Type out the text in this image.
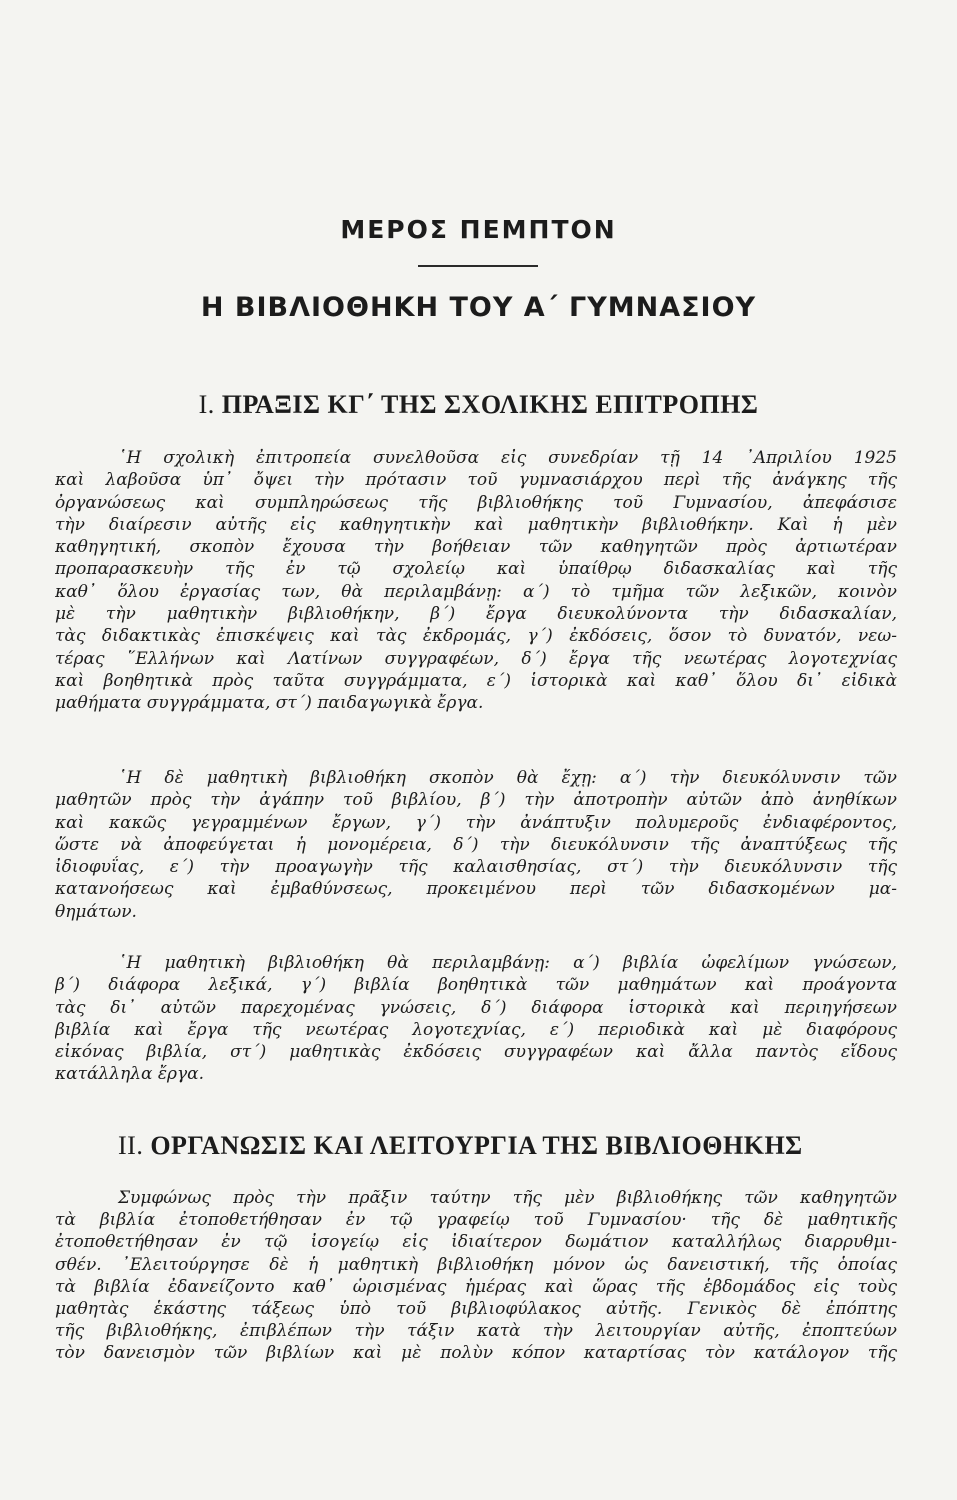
ΜΕΡΟΣ ΠΕΜΠΤΟΝ
Η ΒΙΒΛΙΟΘΗΚΗ ΤΟΥ Α΄ ΓΥΜΝΑΣΙΟΥ
I. ΠΡΑΞΙΣ ΚΓ΄ ΤΗΣ ΣΧΟΛΙΚΗΣ ΕΠΙΤΡΟΠΗΣ
῾Η σχολικὴ ἐπιτροπεία συνελθοῦσα εἰς συνεδρίαν τῇ 14 ᾿Απριλίου 1925
καὶ λαβοῦσα ὑπ᾿ ὄψει τὴν πρότασιν τοῦ γυμνασιάρχου περὶ τῆς ἀνάγκης τῆς
ὀργανώσεως καὶ συμπληρώσεως τῆς βιβλιοθήκης τοῦ Γυμνασίου, ἀπεφάσισε
τὴν διαίρεσιν αὐτῆς εἰς καθηγητικὴν καὶ μαθητικὴν βιβλιοθήκην. Καὶ ἡ μὲν
καθηγητική, σκοπὸν ἔχουσα τὴν βοήθειαν τῶν καθηγητῶν πρὸς ἀρτιωτέραν
προπαρασκευὴν τῆς ἐν τῷ σχολείῳ καὶ ὑπαίθρῳ διδασκαλίας καὶ τῆς
καθ᾿ ὅλου ἐργασίας των, θὰ περιλαμβάνῃ: α΄) τὸ τμῆμα τῶν λεξικῶν, κοινὸν
μὲ τὴν μαθητικὴν βιβλιοθήκην, β΄) ἔργα διευκολύνοντα τὴν διδασκαλίαν,
τὰς διδακτικὰς ἐπισκέψεις καὶ τὰς ἐκδρομάς, γ΄) ἐκδόσεις, ὅσον τὸ δυνατόν, νεω-
τέρας ῞Ελλήνων καὶ Λατίνων συγγραφέων, δ΄) ἔργα τῆς νεωτέρας λογοτεχνίας
καὶ βοηθητικὰ πρὸς ταῦτα συγγράμματα, ε΄) ἱστορικὰ καὶ καθ᾿ ὅλου δι᾿ εἰδικὰ
μαθήματα συγγράμματα, στ΄) παιδαγωγικὰ ἔργα.
῾Η δὲ μαθητικὴ βιβλιοθήκη σκοπὸν θὰ ἔχῃ: α΄) τὴν διευκόλυνσιν τῶν
μαθητῶν πρὸς τὴν ἀγάπην τοῦ βιβλίου, β΄) τὴν ἀποτροπὴν αὐτῶν ἀπὸ ἀνηθίκων
καὶ κακῶς γεγραμμένων ἔργων, γ΄) τὴν ἀνάπτυξιν πολυμεροῦς ἐνδιαφέροντος,
ὥστε νὰ ἀποφεύγεται ἡ μονομέρεια, δ΄) τὴν διευκόλυνσιν τῆς ἀναπτύξεως τῆς
ἰδιοφυΐας, ε΄) τὴν προαγωγὴν τῆς καλαισθησίας, στ΄) τὴν διευκόλυνσιν τῆς
κατανοήσεως καὶ ἐμβαθύνσεως, προκειμένου περὶ τῶν διδασκομένων μα-
θημάτων.
῾Η μαθητικὴ βιβλιοθήκη θὰ περιλαμβάνῃ: α΄) βιβλία ὠφελίμων γνώσεων,
β΄) διάφορα λεξικά, γ΄) βιβλία βοηθητικὰ τῶν μαθημάτων καὶ προάγοντα
τὰς δι᾿ αὐτῶν παρεχομένας γνώσεις, δ΄) διάφορα ἱστορικὰ καὶ περιηγήσεων
βιβλία καὶ ἔργα τῆς νεωτέρας λογοτεχνίας, ε΄) περιοδικὰ καὶ μὲ διαφόρους
εἰκόνας βιβλία, στ΄) μαθητικὰς ἐκδόσεις συγγραφέων καὶ ἄλλα παντὸς εἴδους
κατάλληλα ἔργα.
II. ΟΡΓΑΝΩΣΙΣ ΚΑΙ ΛΕΙΤΟΥΡΓΙΑ ΤΗΣ ΒΙΒΛΙΟΘΗΚΗΣ
Συμφώνως πρὸς τὴν πρᾶξιν ταύτην τῆς μὲν βιβλιοθήκης τῶν καθηγητῶν
τὰ βιβλία ἐτοποθετήθησαν ἐν τῷ γραφείῳ τοῦ Γυμνασίου· τῆς δὲ μαθητικῆς
ἐτοποθετήθησαν ἐν τῷ ἰσογείῳ εἰς ἰδιαίτερον δωμάτιον καταλλήλως διαρρυθμι-
σθέν. ᾿Ελειτούργησε δὲ ἡ μαθητικὴ βιβλιοθήκη μόνον ὡς δανειστική, τῆς ὁποίας
τὰ βιβλία ἐδανείζοντο καθ᾿ ὡρισμένας ἡμέρας καὶ ὥρας τῆς ἑβδομάδος εἰς τοὺς
μαθητὰς ἑκάστης τάξεως ὑπὸ τοῦ βιβλιοφύλακος αὐτῆς. Γενικὸς δὲ ἐπόπτης
τῆς βιβλιοθήκης, ἐπιβλέπων τὴν τάξιν κατὰ τὴν λειτουργίαν αὐτῆς, ἐποπτεύων
τὸν δανεισμὸν τῶν βιβλίων καὶ μὲ πολὺν κόπον καταρτίσας τὸν κατάλογον τῆς
